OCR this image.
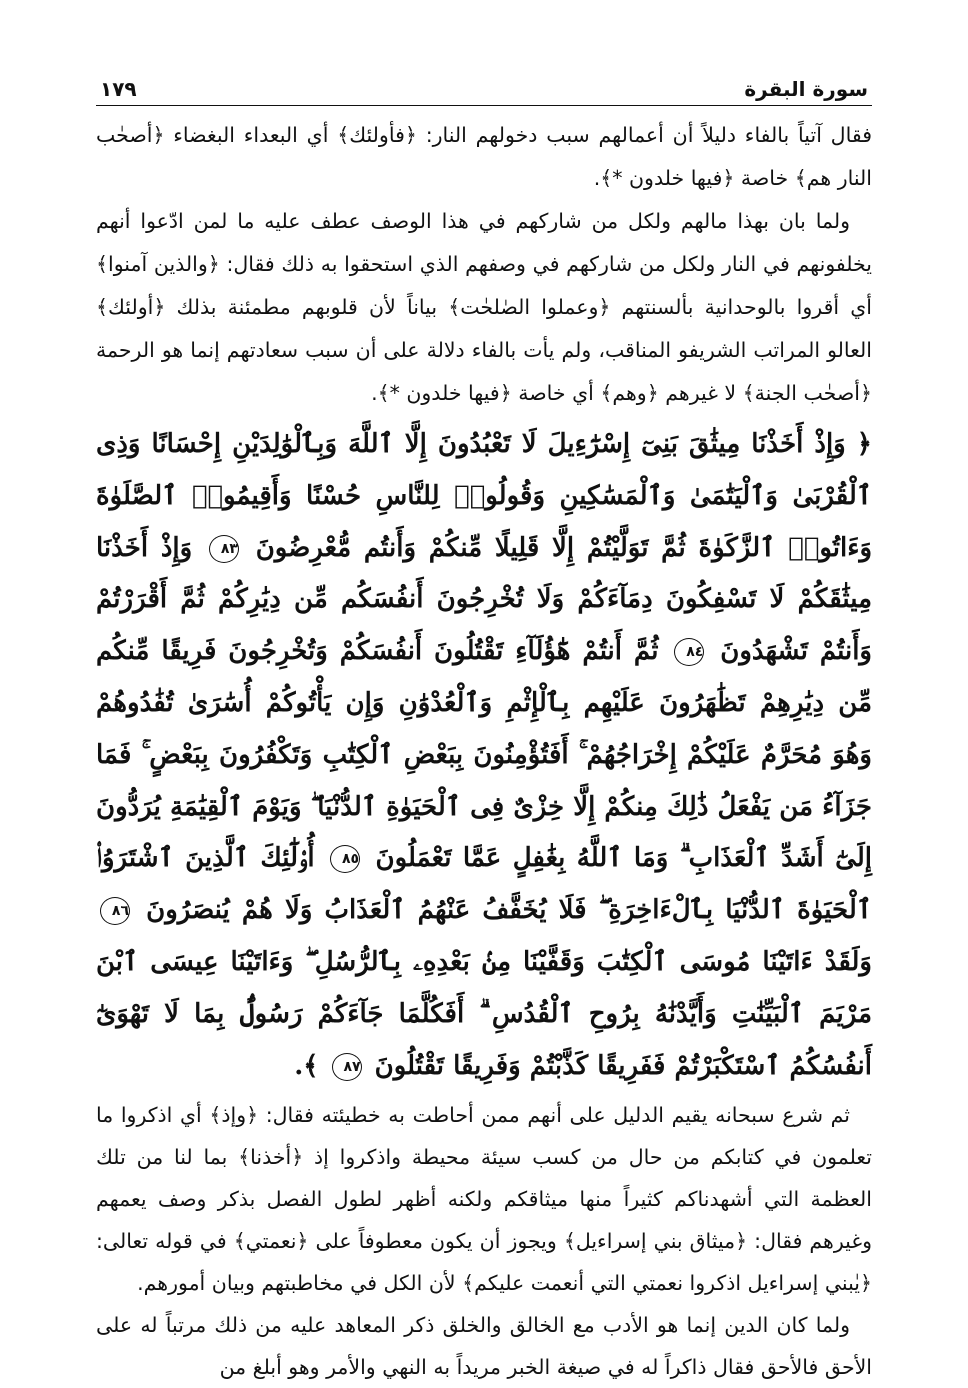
سورة البقرة
١٧٩

فقال آتياً بالفاء دليلاً أن أعمالهم سبب دخولهم النار: ﴿فأولئك﴾ أي البعداء البغضاء ﴿أصحٰب النار هم﴾ خاصة ﴿فيها خلدون *﴾.

ولما بان بهذا مالهم ولكل من شاركهم في هذا الوصف عطف عليه ما لمن ادّعوا أنهم يخلفونهم في النار ولكل من شاركهم في وصفهم الذي استحقوا به ذلك فقال: ﴿والذين آمنوا﴾ أي أقروا بالوحدانية بألسنتهم ﴿وعملوا الصٰلحٰت﴾ بياناً لأن قلوبهم مطمئنة بذلك ﴿أولئك﴾ العالو المراتب الشريفو المناقب، ولم يأت بالفاء دلالة على أن سبب سعادتهم إنما هو الرحمة ﴿أصحٰب الجنة﴾ لا غيرهم ﴿وهم﴾ أي خاصة ﴿فيها خلدون *﴾.

﴿ وَإِذْ أَخَذْنَا مِيثَٰقَ بَنِىٓ إِسْرَٰٓءِيلَ لَا تَعْبُدُونَ إِلَّا ٱللَّهَ وَبِٱلْوَٰلِدَيْنِ إِحْسَانًا وَذِى ٱلْقُرْبَىٰ وَٱلْيَتَٰمَىٰ وَٱلْمَسَٰكِينِ وَقُولُوا۟ لِلنَّاسِ حُسْنًا وَأَقِيمُوا۟ ٱلصَّلَوٰةَ وَءَاتُوا۟ ٱلزَّكَوٰةَ ثُمَّ تَوَلَّيْتُمْ إِلَّا قَلِيلًا مِّنكُمْ وَأَنتُم مُّعْرِضُونَ ٨٣ وَإِذْ أَخَذْنَا مِيثَٰقَكُمْ لَا تَسْفِكُونَ دِمَآءَكُمْ وَلَا تُخْرِجُونَ أَنفُسَكُم مِّن دِيَٰرِكُمْ ثُمَّ أَقْرَرْتُمْ وَأَنتُمْ تَشْهَدُونَ ٨٤ ثُمَّ أَنتُمْ هَٰٓؤُلَآءِ تَقْتُلُونَ أَنفُسَكُمْ وَتُخْرِجُونَ فَرِيقًا مِّنكُم مِّن دِيَٰرِهِمْ تَظَٰهَرُونَ عَلَيْهِم بِٱلْإِثْمِ وَٱلْعُدْوَٰنِ وَإِن يَأْتُوكُمْ أُسَٰرَىٰ تُفَٰدُوهُمْ وَهُوَ مُحَرَّمٌ عَلَيْكُمْ إِخْرَاجُهُمْ ۚ أَفَتُؤْمِنُونَ بِبَعْضِ ٱلْكِتَٰبِ وَتَكْفُرُونَ بِبَعْضٍ ۚ فَمَا جَزَآءُ مَن يَفْعَلُ ذَٰلِكَ مِنكُمْ إِلَّا خِزْىٌ فِى ٱلْحَيَوٰةِ ٱلدُّنْيَا ۖ وَيَوْمَ ٱلْقِيَٰمَةِ يُرَدُّونَ إِلَىٰٓ أَشَدِّ ٱلْعَذَابِ ۗ وَمَا ٱللَّهُ بِغَٰفِلٍ عَمَّا تَعْمَلُونَ ٨٥ أُو۟لَٰٓئِكَ ٱلَّذِينَ ٱشْتَرَوُا۟ ٱلْحَيَوٰةَ ٱلدُّنْيَا بِٱلْءَاخِرَةِ ۖ فَلَا يُخَفَّفُ عَنْهُمُ ٱلْعَذَابُ وَلَا هُمْ يُنصَرُونَ ٨٦ وَلَقَدْ ءَاتَيْنَا مُوسَى ٱلْكِتَٰبَ وَقَفَّيْنَا مِنۢ بَعْدِهِۦ بِٱلرُّسُلِ ۖ وَءَاتَيْنَا عِيسَى ٱبْنَ مَرْيَمَ ٱلْبَيِّنَٰتِ وَأَيَّدْنَٰهُ بِرُوحِ ٱلْقُدُسِ ۗ أَفَكُلَّمَا جَآءَكُمْ رَسُولٌۢ بِمَا لَا تَهْوَىٰٓ أَنفُسُكُمُ ٱسْتَكْبَرْتُمْ فَفَرِيقًا كَذَّبْتُمْ وَفَرِيقًا تَقْتُلُونَ ٨٧ ﴾.

ثم شرع سبحانه يقيم الدليل على أنهم ممن أحاطت به خطيئته فقال: ﴿وإذ﴾ أي اذكروا ما تعلمون في كتابكم من حال من كسب سيئة محيطة واذكروا إذ ﴿أخذنا﴾ بما لنا من تلك العظمة التي أشهدناكم كثيراً منها ميثاقكم ولكنه أظهر لطول الفصل بذكر وصف يعمهم وغيرهم فقال: ﴿ميثاق بني إسراءيل﴾ ويجوز أن يكون معطوفاً على ﴿نعمتي﴾ في قوله تعالى: ﴿يٰبني إسراءيل اذكروا نعمتي التي أنعمت عليكم﴾ لأن الكل في مخاطبتهم وبيان أمورهم.

ولما كان الدين إنما هو الأدب مع الخالق والخلق ذكر المعاهد عليه من ذلك مرتباً له على الأحق فالأحق فقال ذاكراً له في صيغة الخبر مريداً به النهي والأمر وهو أبلغ من
